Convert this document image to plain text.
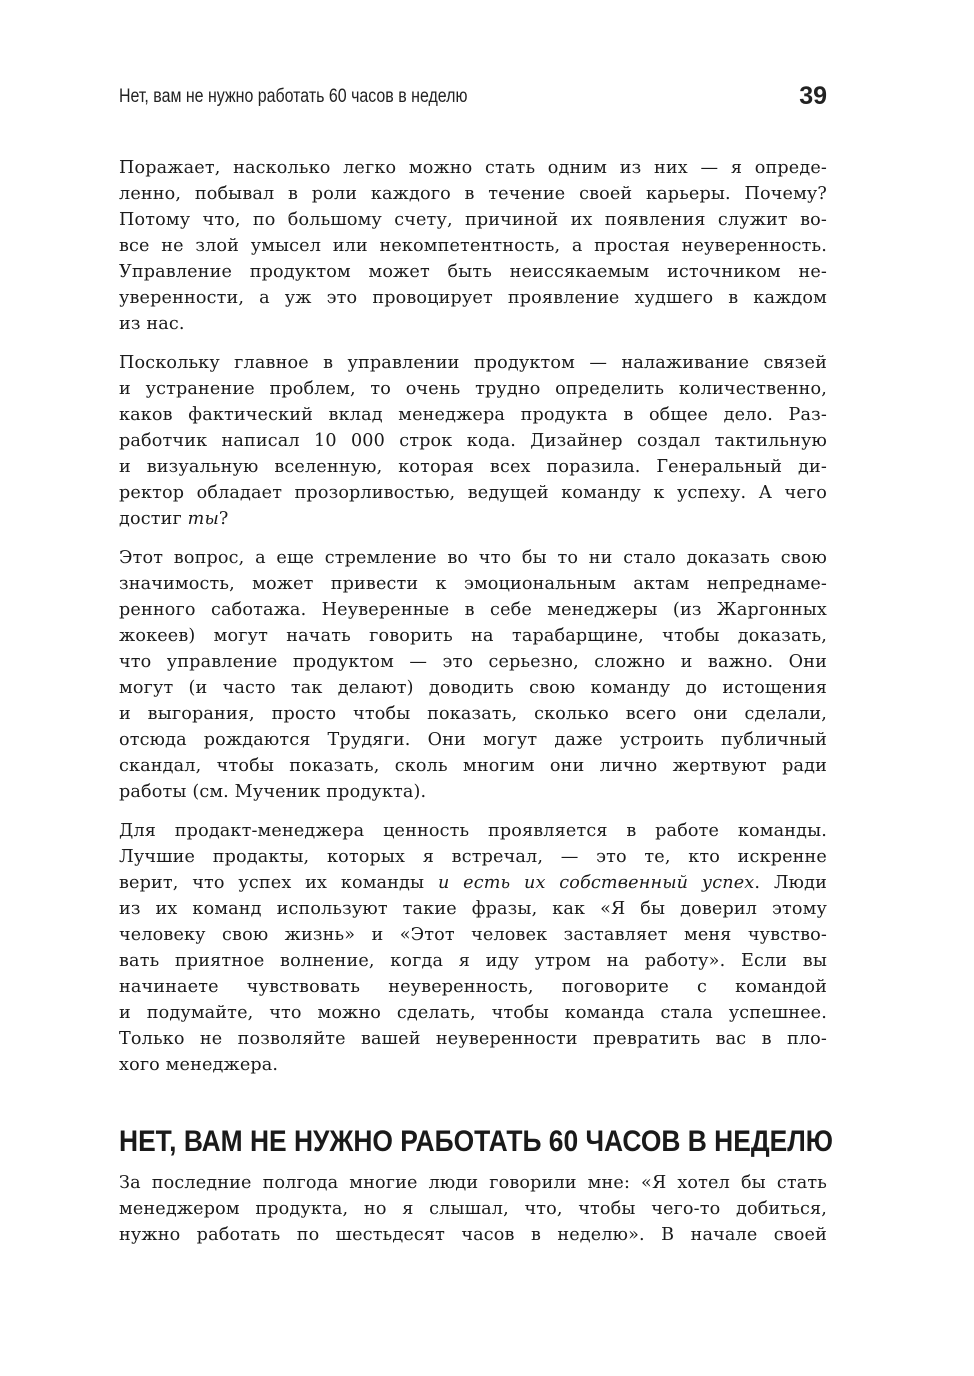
Нет, вам не нужно работать 60 часов в неделю	39
Поражает, насколько легко можно стать одним из них — я опреде-
ленно, побывал в роли каждого в течение своей карьеры. Почему?
Потому что, по большому счету, причиной их появления служит во-
все не злой умысел или некомпетентность, а простая неуверенность.
Управление продуктом может быть неиссякаемым источником не-
уверенности, а уж это провоцирует проявление худшего в каждом
из нас.
Поскольку главное в управлении продуктом — налаживание связей
и устранение проблем, то очень трудно определить количественно,
каков фактический вклад менеджера продукта в общее дело. Раз-
работчик написал 10 000 строк кода. Дизайнер создал тактильную
и визуальную вселенную, которая всех поразила. Генеральный ди-
ректор обладает прозорливостью, ведущей команду к успеху. А чего
достиг ты?
Этот вопрос, а еще стремление во что бы то ни стало доказать свою
значимость, может привести к эмоциональным актам непреднаме-
ренного саботажа. Неуверенные в себе менеджеры (из Жаргонных
жокеев) могут начать говорить на тарабарщине, чтобы доказать,
что управление продуктом — это серьезно, сложно и важно. Они
могут (и часто так делают) доводить свою команду до истощения
и выгорания, просто чтобы показать, сколько всего они сделали,
отсюда рождаются Трудяги. Они могут даже устроить публичный
скандал, чтобы показать, сколь многим они лично жертвуют ради
работы (см. Мученик продукта).
Для продакт-менеджера ценность проявляется в работе команды.
Лучшие продакты, которых я встречал, — это те, кто искренне
верит, что успех их команды и есть их собственный успех. Люди
из их команд используют такие фразы, как «Я бы доверил этому
человеку свою жизнь» и «Этот человек заставляет меня чувство-
вать приятное волнение, когда я иду утром на работу». Если вы
начинаете чувствовать неуверенность, поговорите с командой
и подумайте, что можно сделать, чтобы команда стала успешнее.
Только не позволяйте вашей неуверенности превратить вас в пло-
хого менеджера.
НЕТ, ВАМ НЕ НУЖНО РАБОТАТЬ 60 ЧАСОВ В НЕДЕЛЮ
За последние полгода многие люди говорили мне: «Я хотел бы стать
менеджером продукта, но я слышал, что, чтобы чего-то добиться,
нужно работать по шестьдесят часов в неделю». В начале своей
